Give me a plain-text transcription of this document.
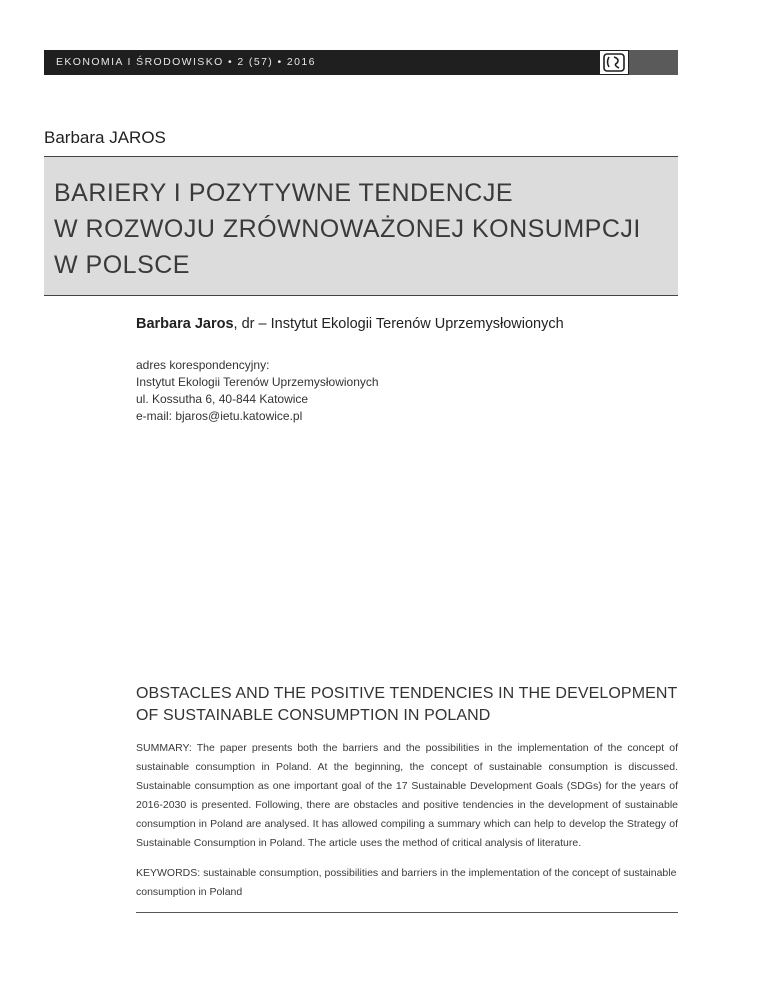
EKONOMIA I ŚRODOWISKO • 2 (57) • 2016
Barbara JAROS
BARIERY I POZYTYWNE TENDENCJE
W ROZWOJU ZRÓWNOWAŻONEJ KONSUMPCJI
W POLSCE
Barbara Jaros, dr – Instytut Ekologii Terenów Uprzemysłowionych
adres korespondencyjny:
Instytut Ekologii Terenów Uprzemysłowionych
ul. Kossutha 6, 40-844 Katowice
e-mail: bjaros@ietu.katowice.pl
OBSTACLES AND THE POSITIVE TENDENCIES IN THE DEVELOPMENT
OF SUSTAINABLE CONSUMPTION IN POLAND
SUMMARY: The paper presents both the barriers and the possibilities in the implementation of the concept of sustainable consumption in Poland. At the beginning, the concept of sustainable consumption is discussed. Sustainable consumption as one important goal of the 17 Sustainable Development Goals (SDGs) for the years of 2016-2030 is presented. Following, there are obstacles and positive tendencies in the development of sustainable consumption in Poland are analysed. It has allowed compiling a summary which can help to develop the Strategy of Sustainable Consumption in Poland. The article uses the method of critical analysis of literature.
KEYWORDS: sustainable consumption, possibilities and barriers in the implementation of the concept of sustainable consumption in Poland
